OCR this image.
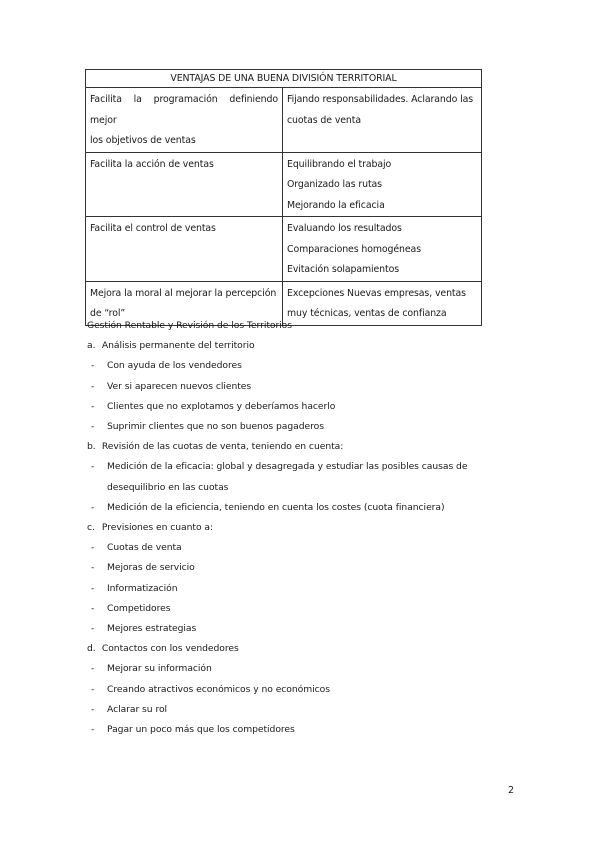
VENTAJAS DE UNA BUENA DIVISIÓN TERRITORIAL	

Facilita la programación definiendo mejor
los objetivos de ventas	Fijando responsabilidades. Aclarando las
cuotas de venta

Facilita la acción de ventas	Equilibrando el trabajo
Organizado las rutas
Mejorando la eficacia

Facilita el control de ventas	Evaluando los resultados
Comparaciones homogéneas
Evitación solapamientos

Mejora la moral al mejorar la percepción
de “rol”	Excepciones Nuevas empresas, ventas
muy técnicas, ventas de confianza
Gestión Rentable y Revisión de los Territorios
a. Análisis permanente del territorio
- Con ayuda de los vendedores
- Ver si aparecen nuevos clientes
- Clientes que no explotamos y deberíamos hacerlo
- Suprimir clientes que no son buenos pagaderos
b. Revisión de las cuotas de venta, teniendo en cuenta:
- Medición de la eficacia: global y desagregada y estudiar las posibles causas de desequilibrio en las cuotas
- Medición de la eficiencia, teniendo en cuenta los costes (cuota financiera)
c. Previsiones en cuanto a:
- Cuotas de venta
- Mejoras de servicio
- Informatización
- Competidores
- Mejores estrategias
d. Contactos con los vendedores
- Mejorar su información
- Creando atractivos económicos y no económicos
- Aclarar su rol
- Pagar un poco más que los competidores
2
